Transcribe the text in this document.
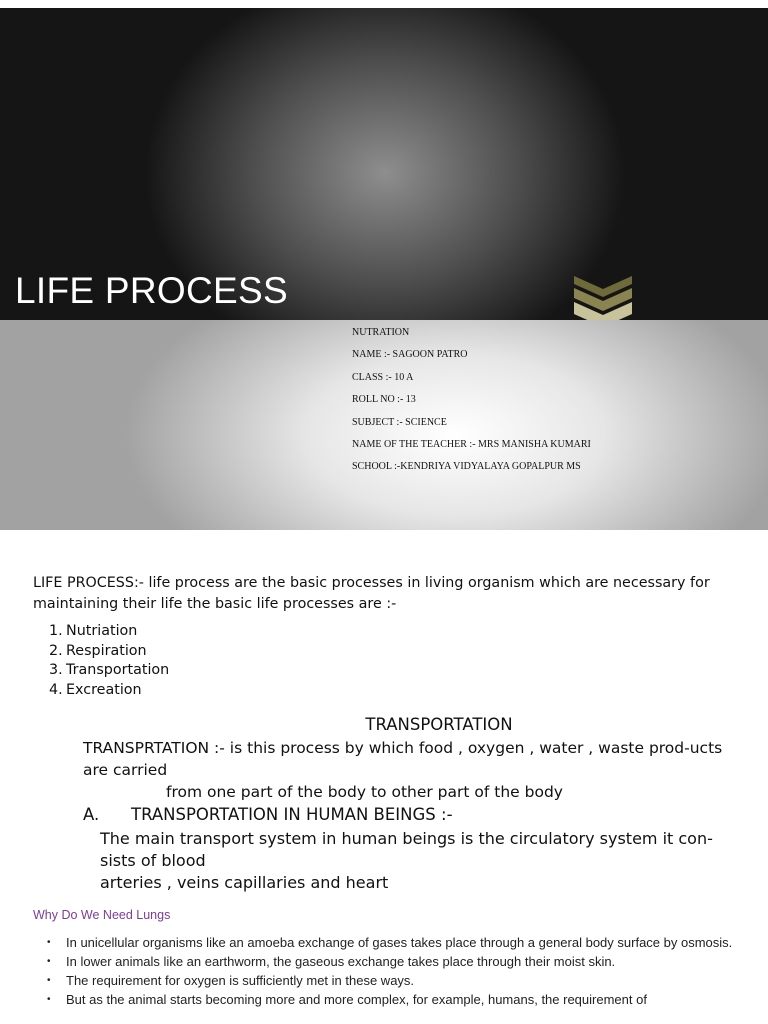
LIFE PROCESS
NUTRATION
NAME :- SAGOON PATRO
CLASS :- 10 A
ROLL NO :- 13
SUBJECT :- SCIENCE
NAME OF THE TEACHER :- MRS MANISHA KUMARI
SCHOOL :-KENDRIYA VIDYALAYA GOPALPUR MS

LIFE PROCESS:- life process are the basic processes in living organism which are necessary for maintaining their life the basic life processes are :-

1. Nutriation
2. Respiration
3. Transportation
4. Excreation
TRANSPORTATION

TRANSPRTATION :- is this process by which food , oxygen , water , waste prod-ucts are carried

from one part of the body to other part of the body

A.	TRANSPORTATION IN HUMAN BEINGS :-

The main transport system in human beings is the circulatory system it con-sists of blood

arteries , veins capillaries and heart

Why Do We Need Lungs
•	In unicellular organisms like an amoeba exchange of gases takes place through a general body surface by osmosis.
•	In lower animals like an earthworm, the gaseous exchange takes place through their moist skin.
•	The requirement for oxygen is sufficiently met in these ways.
•	But as the animal starts becoming more and more complex, for example, humans, the requirement of
